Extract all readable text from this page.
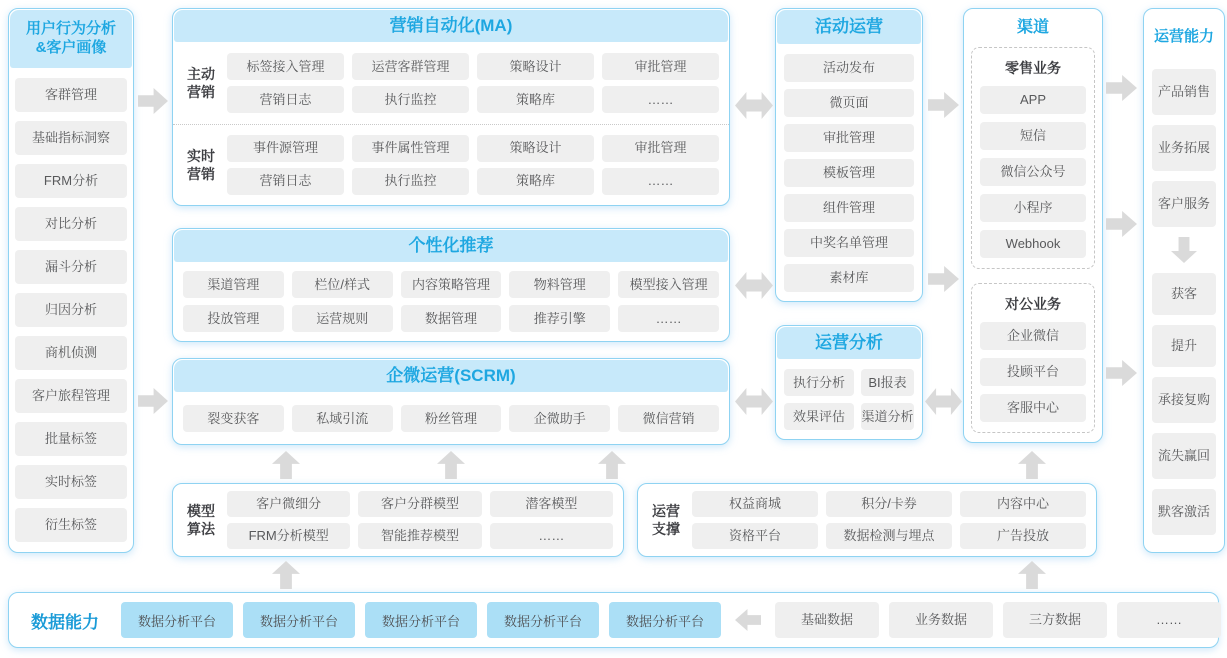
用户行为分析
&客户画像
客群管理
基础指标洞察
FRM分析
对比分析
漏斗分析
归因分析
商机侦测
客户旅程管理
批量标签
实时标签
衍生标签
营销自动化(MA)
主动
营销
标签接入管理	运营客群管理	策略设计	审批管理
营销日志	执行监控	策略库	……
实时
营销
事件源管理	事件属性管理	策略设计	审批管理
营销日志	执行监控	策略库	……
个性化推荐
渠道管理	栏位/样式	内容策略管理	物料管理	模型接入管理
投放管理	运营规则	数据管理	推荐引擎	……
企微运营(SCRM)
裂变获客	私域引流	粉丝管理	企微助手	微信营销
模型
算法
客户微细分	客户分群模型	潜客模型
FRM分析模型	智能推荐模型	……
运营
支撑
权益商城	积分/卡券	内容中心
资格平台	数据检测与埋点	广告投放
活动运营
活动发布
微页面
审批管理
模板管理
组件管理
中奖名单管理
素材库
运营分析
执行分析	BI报表
效果评估	渠道分析
渠道
零售业务
APP
短信
微信公众号
小程序
Webhook
对公业务
企业微信
投顾平台
客服中心
运营能力
产品销售
业务拓展
客户服务
获客
提升
承接复购
流失赢回
默客激活
数据能力	数据分析平台	数据分析平台	数据分析平台	数据分析平台	数据分析平台	基础数据	业务数据	三方数据	……
